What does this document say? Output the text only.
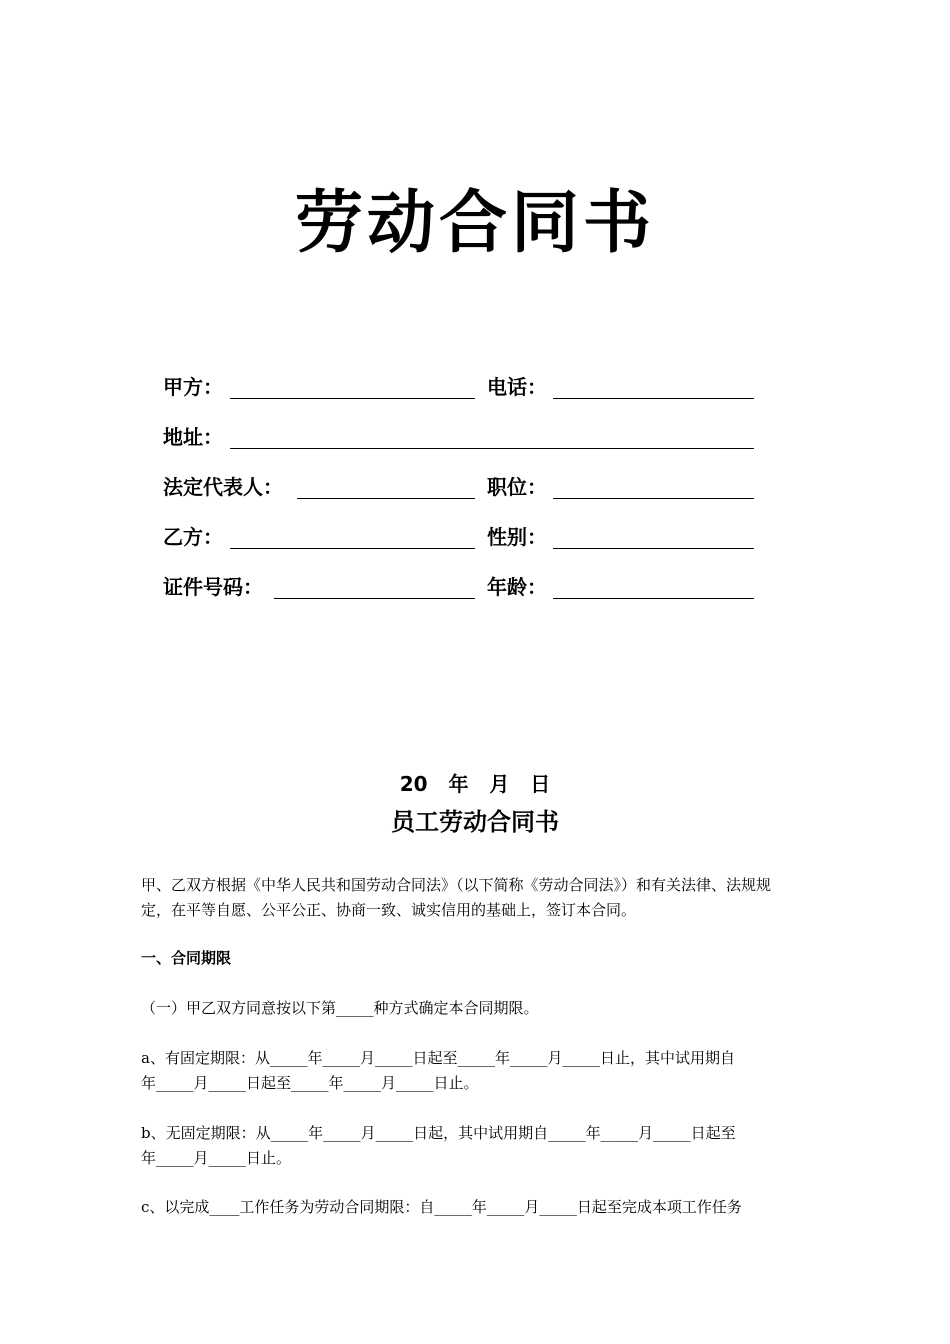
劳动合同书
甲方：	电话：
地址：
法定代表人：	职位：
乙方：	性别：
证件号码：	年龄：
20   年   月   日
员工劳动合同书
甲、乙双方根据《中华人民共和国劳动合同法》（以下简称《劳动合同法》）和有关法律、法规规
定，在平等自愿、公平公正、协商一致、诚实信用的基础上，签订本合同。
一、合同期限
（一）甲乙双方同意按以下第_____种方式确定本合同期限。
a、有固定期限：从_____年_____月_____日起至_____年_____月_____日止，其中试用期自
年_____月_____日起至_____年_____月_____日止。
b、无固定期限：从_____年_____月_____日起，其中试用期自_____年_____月_____日起至
年_____月_____日止。
c、以完成____工作任务为劳动合同期限：自_____年_____月_____日起至完成本项工作任务
